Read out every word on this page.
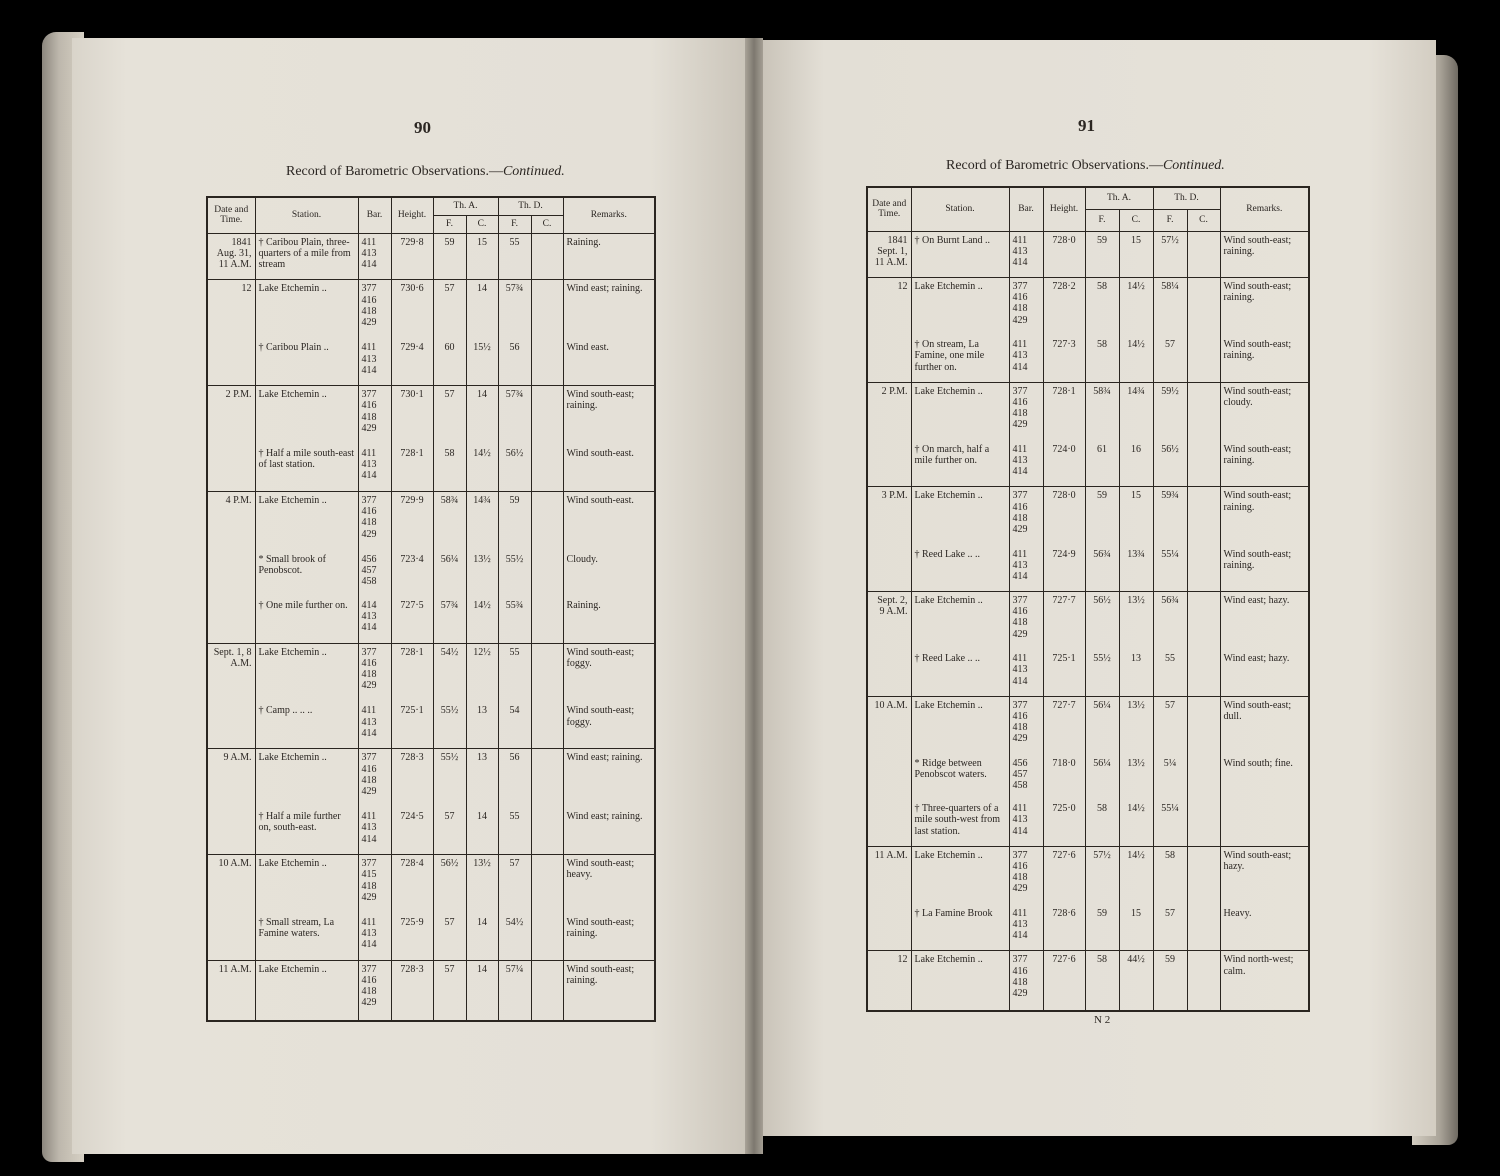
90
Record of Barometric Observations.—Continued.
Date and Time.	Station.	Bar.	Height.	Th. A.		Th. D.		Remarks.
				F.	C.	F.	C.	
1841 Aug. 31, 11 A.M.	† Caribou Plain, three-quarters of a mile from stream	411 413 414	729·8	59	15	55		Raining.
12	Lake Etchemin ..	377 416 418 429	730·6	57	14	57¾		Wind east; raining.
	† Caribou Plain ..	411 413 414	729·4	60	15½	56		Wind east.
2 P.M.	Lake Etchemin ..	377 416 418 429	730·1	57	14	57¾		Wind south-east; raining.
	† Half a mile south-east of last station.	411 413 414	728·1	58	14½	56½		Wind south-east.
4 P.M.	Lake Etchemin ..	377 416 418 429	729·9	58¾	14¾	59		Wind south-east.
	* Small brook of Penobscot.	456 457 458	723·4	56¼	13½	55½		Cloudy.
	† One mile further on.	414 413 414	727·5	57¾	14½	55¾		Raining.
Sept. 1, 8 A.M.	Lake Etchemin ..	377 416 418 429	728·1	54½	12½	55		Wind south-east; foggy.
	† Camp .. .. ..	411 413 414	725·1	55½	13	54		Wind south-east; foggy.
9 A.M.	Lake Etchemin ..	377 416 418 429	728·3	55½	13	56		Wind east; raining.
	† Half a mile further on, south-east.	411 413 414	724·5	57	14	55		Wind east; raining.
10 A.M.	Lake Etchemin ..	377 415 418 429	728·4	56½	13½	57		Wind south-east; heavy.
	† Small stream, La Famine waters.	411 413 414	725·9	57	14	54½		Wind south-east; raining.
11 A.M.	Lake Etchemin ..	377 416 418 429	728·3	57	14	57¼		Wind south-east; raining.
91
Record of Barometric Observations.—Continued.
Date and Time.	Station.	Bar.	Height.	Th. A.		Th. D.		Remarks.
				F.	C.	F.	C.	
1841 Sept. 1, 11 A.M.	† On Burnt Land ..	411 413 414	728·0	59	15	57½		Wind south-east; raining.
12	Lake Etchemin ..	377 416 418 429	728·2	58	14½	58¼		Wind south-east; raining.
	† On stream, La Famine, one mile further on.	411 413 414	727·3	58	14½	57		Wind south-east; raining.
2 P.M.	Lake Etchemin ..	377 416 418 429	728·1	58¾	14¾	59½		Wind south-east; cloudy.
	† On march, half a mile further on.	411 413 414	724·0	61	16	56½		Wind south-east; raining.
3 P.M.	Lake Etchemin ..	377 416 418 429	728·0	59	15	59¾		Wind south-east; raining.
	† Reed Lake .. ..	411 413 414	724·9	56¾	13¾	55¼		Wind south-east; raining.
Sept. 2, 9 A.M.	Lake Etchemin ..	377 416 418 429	727·7	56½	13½	56¾		Wind east; hazy.
	† Reed Lake .. ..	411 413 414	725·1	55½	13	55		Wind east; hazy.
10 A.M.	Lake Etchemin ..	377 416 418 429	727·7	56¼	13½	57		Wind south-east; dull.
	* Ridge between Penobscot waters.	456 457 458	718·0	56¼	13½	5¼		Wind south; fine.
	† Three-quarters of a mile south-west from last station.	411 413 414	725·0	58	14½	55¼		
11 A.M.	Lake Etchemin ..	377 416 418 429	727·6	57½	14½	58		Wind south-east; hazy.
	† La Famine Brook	411 413 414	728·6	59	15	57		Heavy.
12	Lake Etchemin ..	377 416 418 429	727·6	58	44½	59		Wind north-west; calm.
N 2
